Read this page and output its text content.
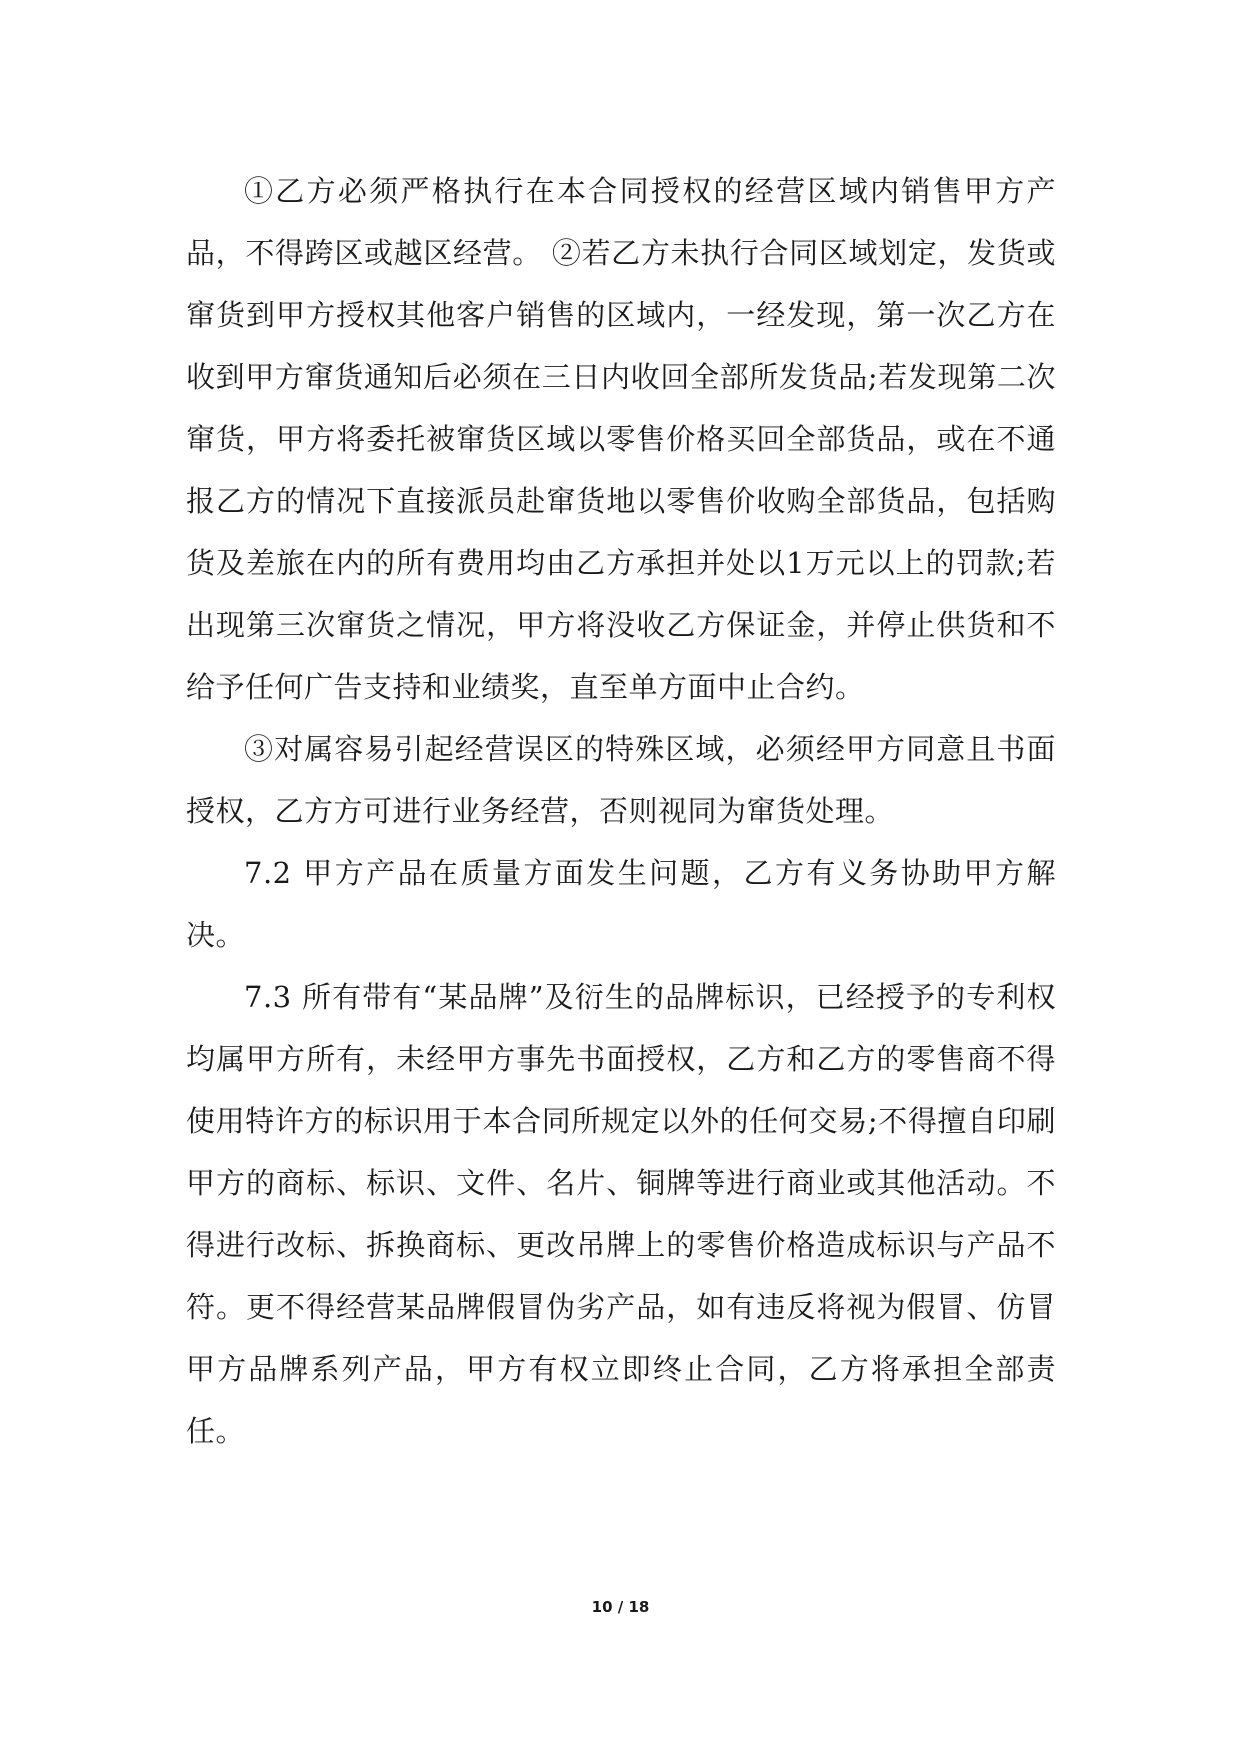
①乙方必须严格执行在本合同授权的经营区域内销售甲方产品，不得跨区或越区经营。 ②若乙方未执行合同区域划定，发货或窜货到甲方授权其他客户销售的区域内，一经发现，第一次乙方在收到甲方窜货通知后必须在三日内收回全部所发货品;若发现第二次窜货，甲方将委托被窜货区域以零售价格买回全部货品，或在不通报乙方的情况下直接派员赴窜货地以零售价收购全部货品，包括购货及差旅在内的所有费用均由乙方承担并处以1万元以上的罚款;若出现第三次窜货之情况，甲方将没收乙方保证金，并停止供货和不给予任何广告支持和业绩奖，直至单方面中止合约。

③对属容易引起经营误区的特殊区域，必须经甲方同意且书面授权，乙方方可进行业务经营，否则视同为窜货处理。

7.2 甲方产品在质量方面发生问题，乙方有义务协助甲方解决。

7.3 所有带有“某品牌”及衍生的品牌标识，已经授予的专利权均属甲方所有，未经甲方事先书面授权，乙方和乙方的零售商不得使用特许方的标识用于本合同所规定以外的任何交易;不得擅自印刷甲方的商标、标识、文件、名片、铜牌等进行商业或其他活动。不得进行改标、拆换商标、更改吊牌上的零售价格造成标识与产品不符。更不得经营某品牌假冒伪劣产品，如有违反将视为假冒、仿冒甲方品牌系列产品，甲方有权立即终止合同，乙方将承担全部责任。

10 / 18
